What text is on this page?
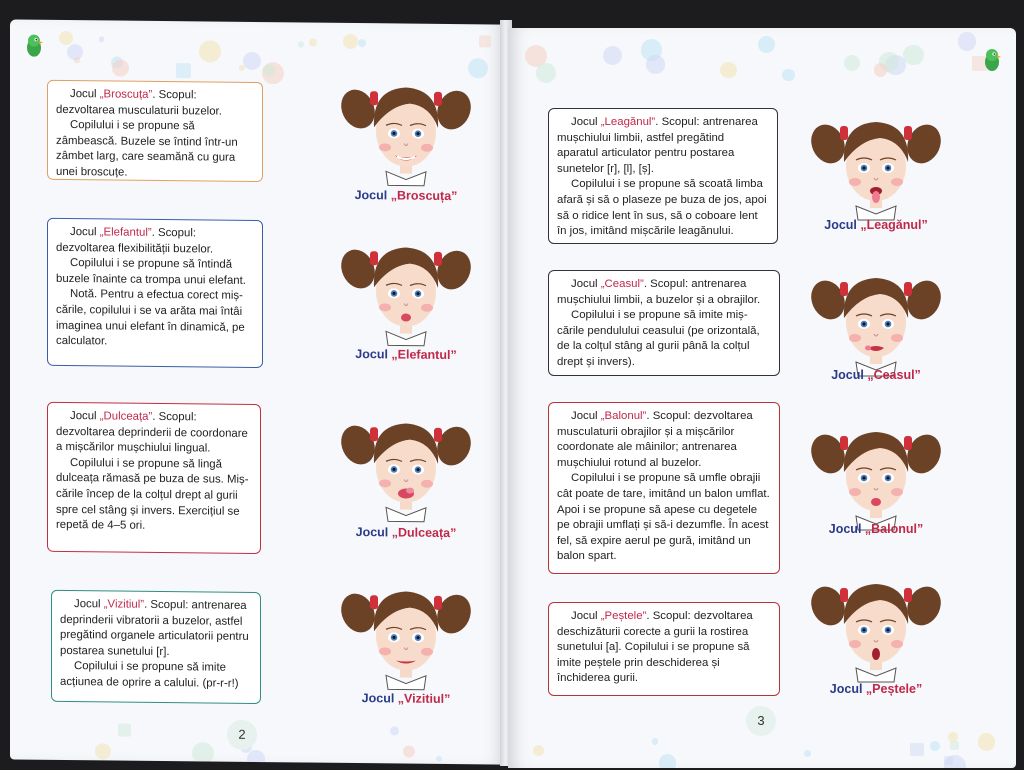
Jocul „Broscuța”. Scopul: dezvoltarea musculaturii buzelor.
Copilului i se propune să zâmbească. Buzele se întind într-un zâmbet larg, care seamănă cu gura unei broscuțe.
Jocul „Broscuța”
Jocul „Elefantul”. Scopul: dezvoltarea flexibilității buzelor.
Copilului i se propune să întindă buzele înainte ca trompa unui elefant.
Notă. Pentru a efectua corect mișcările, copilului i se va arăta mai întâi imaginea unui elefant în dinamică, pe calculator.
Jocul „Elefantul”
Jocul „Dulceața”. Scopul: dezvoltarea deprinderii de coordonare a mișcărilor mușchiului lingual.
Copilului i se propune să lingă dulceața rămasă pe buza de sus. Mișcările încep de la colțul drept al gurii spre cel stâng și invers. Exercițiul se repetă de 4–5 ori.	Jocul „Dulceața”
Jocul „Vizitiul”. Scopul: antrenarea deprinderii vibratorii a buzelor, astfel pregătind organele articulatorii pentru postarea sunetului [r].
Copilului i se propune să imite acțiunea de oprire a calului. (pr-r-r!)
Jocul „Vizitiul”
2
Jocul „Leagănul”. Scopul: antrenarea mușchiului limbii, astfel pregătind aparatul articulator pentru postarea sunetelor [r], [l], [ș].
Copilului i se propune să scoată limba afară și să o plaseze pe buza de jos, apoi să o ridice lent în sus, să o coboare lent în jos, imitând mișcările leagănului.	Jocul „Leagănul”
Jocul „Ceasul”. Scopul: antrenarea mușchiului limbii, a buzelor și a obrajilor.
Copilului i se propune să imite mișcările pendulului ceasului (pe orizontală, de la colțul stâng al gurii până la colțul drept și invers).
Jocul „Ceasul”
Jocul „Balonul”. Scopul: dezvoltarea musculaturii obrajilor și a mișcărilor coordonate ale mâinilor; antrenarea mușchiului rotund al buzelor.
Copilului i se propune să umfle obrajii cât poate de tare, imitând un balon umflat. Apoi i se propune să apese cu degetele pe obrajii umflați și să-i dezumfle. În acest fel, să expire aerul pe gură, imitând un balon spart.
Jocul „Balonul”
Jocul „Peștele”. Scopul: dezvoltarea deschizăturii corecte a gurii la rostirea sunetului [a]. Copilului i se propune să imite peștele prin deschiderea și închiderea gurii.
Jocul „Peștele”
3
